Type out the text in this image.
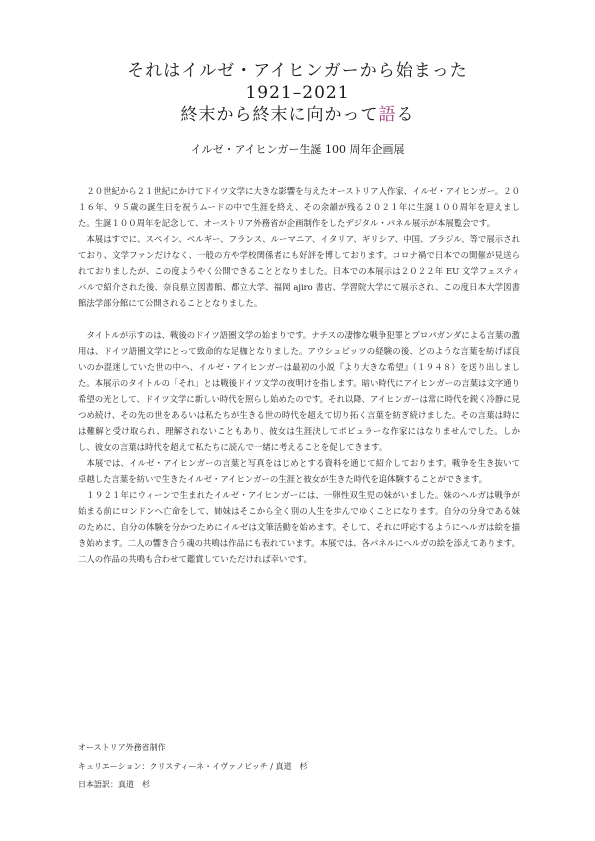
それはイルゼ・アイヒンガーから始まった
1921–2021
終末から終末に向かって語る
イルゼ・アイヒンガー生誕 100 周年企画展

２０世紀から２１世紀にかけてドイツ文学に大きな影響を与えたオーストリア人作家、イルゼ・アイヒンガー。２０１６年、９５歳の誕生日を祝うムードの中で生涯を終え、その余韻が残る２０２１年に生誕１００周年を迎えました。生誕１００周年を記念して、オーストリア外務省が企画制作をしたデジタル・パネル展示が本展覧会です。

本展はすでに、スペイン、ベルギー、フランス、ルーマニア、イタリア、ギリシア、中国、ブラジル、等で展示されており、文学ファンだけなく、一般の方や学校関係者にも好評を博しております。コロナ禍で日本での開催が見送られておりましたが、この度ようやく公開できることとなりました。日本での本展示は２０２２年 EU 文学フェスティバルで紹介された後、奈良県立図書館、都立大学、福岡 ajiro 書店、学習院大学にて展示され、この度日本大学図書館法学部分館にて公開されることとなりました。

タイトルが示すのは、戦後のドイツ語圏文学の始まりです。ナチスの凄惨な戦争犯罪とプロパガンダによる言葉の濫用は、ドイツ語圏文学にとって致命的な足枷となりました。アウシュビッツの経験の後、どのような言葉を紡げば良いのか混迷していた世の中へ、イルゼ・アイヒンガーは最初の小説『より大きな希望』（１９４８）を送り出しました。本展示のタイトルの「それ」とは戦後ドイツ文学の夜明けを指します。暗い時代にアイヒンガーの言葉は文字通り希望の光として、ドイツ文学に新しい時代を照らし始めたのです。それ以降、アイヒンガーは常に時代を鋭く冷静に見つめ続け、その先の世をあるいは私たちが生きる世の時代を超えて切り拓く言葉を紡ぎ続けました。その言葉は時には難解と受け取られ、理解されないこともあり、彼女は生涯決してポピュラーな作家にはなりませんでした。しかし、彼女の言葉は時代を超えて私たちに読んで一緒に考えることを促してきます。

本展では、イルゼ・アイヒンガーの言葉と写真をはじめとする資料を通じて紹介しております。戦争を生き抜いて卓越した言葉を紡いで生きたイルゼ・アイヒンガーの生涯と彼女が生きた時代を追体験することができます。

１９２１年にウィーンで生まれたイルゼ・アイヒンガーには、一卵性双生児の妹がいました。妹のヘルガは戦争が始まる前にロンドンへ亡命をして、姉妹はそこから全く別の人生を歩んでゆくことになります。自分の分身である妹のために、自分の体験を分かつためにイルゼは文筆活動を始めます。そして、それに呼応するようにヘルガは絵を描き始めます。二人の響き合う魂の共鳴は作品にも表れています。本展では、各パネルにヘルガの絵を添えてあります。二人の作品の共鳴も合わせて鑑賞していただければ幸いです。

オーストリア外務省制作
キュリエーション：クリスティーネ・イヴァノビッチ / 真道　杉
日本語訳：真道　杉
